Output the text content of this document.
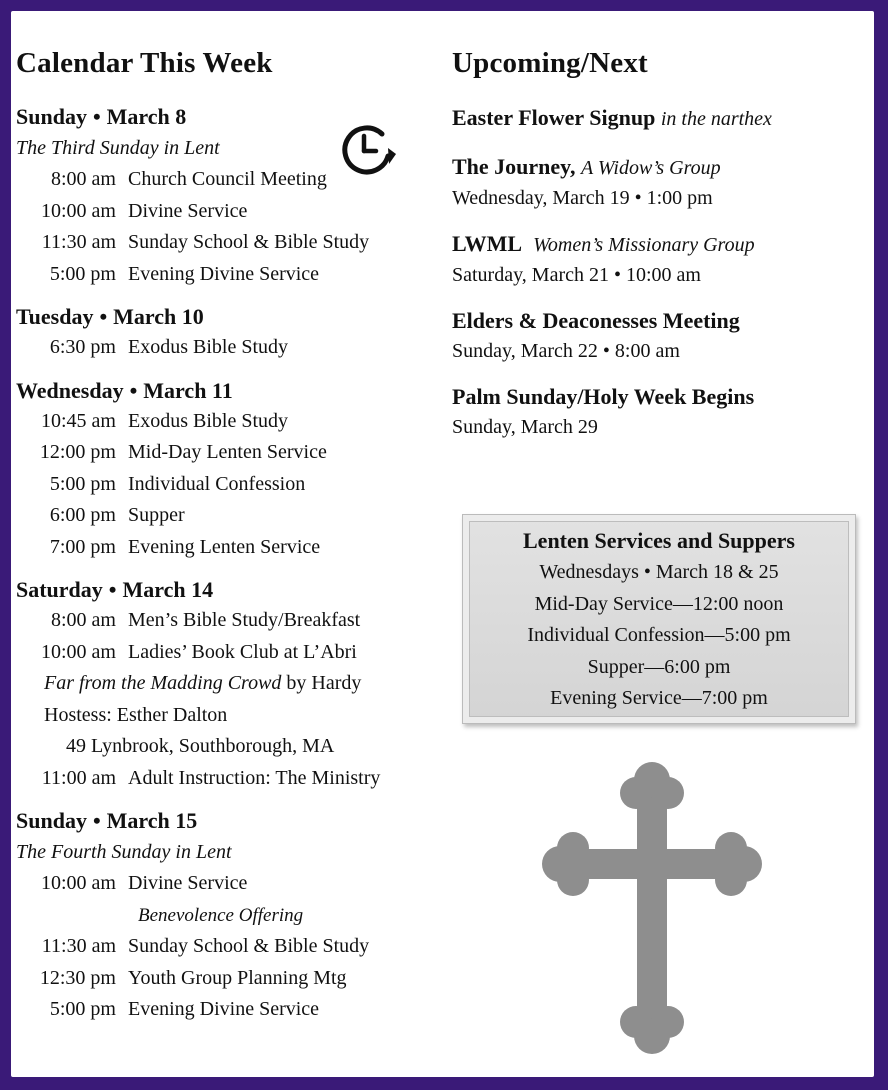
Calendar This Week
Sunday • March 8
The Third Sunday in Lent
8:00 am Church Council Meeting
10:00 am Divine Service
11:30 am Sunday School & Bible Study
5:00 pm Evening Divine Service
Tuesday • March 10
6:30 pm Exodus Bible Study
Wednesday • March 11
10:45 am Exodus Bible Study
12:00 pm Mid-Day Lenten Service
5:00 pm Individual Confession
6:00 pm Supper
7:00 pm Evening Lenten Service
Saturday • March 14
8:00 am Men’s Bible Study/Breakfast
10:00 am Ladies’ Book Club at L’Abri
Far from the Madding Crowd by Hardy
Hostess: Esther Dalton
49 Lynbrook, Southborough, MA
11:00 am Adult Instruction: The Ministry
Sunday • March 15
The Fourth Sunday in Lent
10:00 am Divine Service
Benevolence Offering
11:30 am Sunday School & Bible Study
12:30 pm Youth Group Planning Mtg
5:00 pm Evening Divine Service
Upcoming/Next
Easter Flower Signup in the narthex
The Journey, A Widow’s Group
Wednesday, March 19 • 1:00 pm
LWML Women’s Missionary Group
Saturday, March 21 • 10:00 am
Elders & Deaconesses Meeting
Sunday, March 22 • 8:00 am
Palm Sunday/Holy Week Begins
Sunday, March 29
Lenten Services and Suppers
Wednesdays • March 18 & 25
Mid-Day Service—12:00 noon
Individual Confession—5:00 pm
Supper—6:00 pm
Evening Service—7:00 pm
